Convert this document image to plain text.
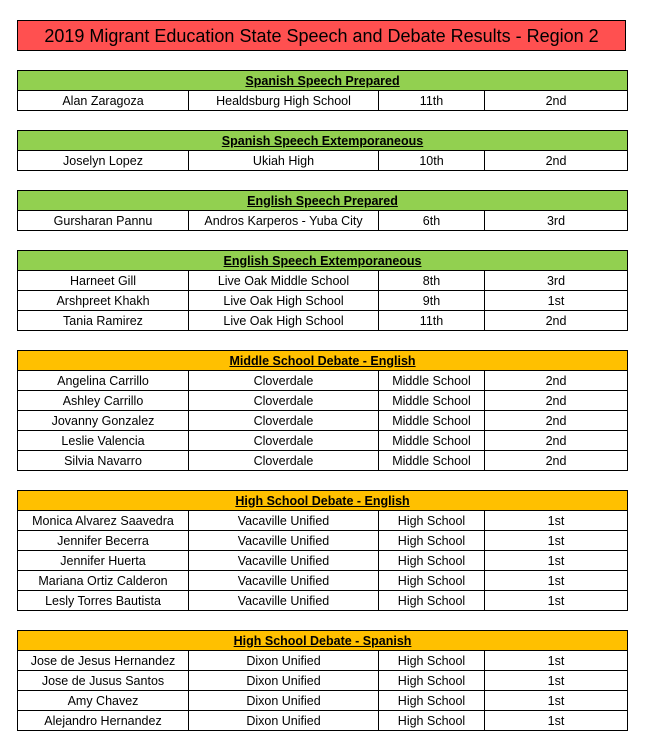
2019 Migrant Education State Speech and Debate Results - Region 2
Spanish Speech Prepared
Alan Zaragoza	Healdsburg High School	11th	2nd
Spanish Speech Extemporaneous
Joselyn Lopez	Ukiah High	10th	2nd
English Speech Prepared
Gursharan Pannu	Andros Karperos - Yuba City	6th	3rd
English Speech Extemporaneous			
Harneet Gill	Live Oak Middle School	8th	3rd
Arshpreet Khakh	Live Oak High School	9th	1st
Tania Ramirez	Live Oak High School	11th	2nd
Middle School Debate - English			
Angelina Carrillo	Cloverdale	Middle School	2nd
Ashley Carrillo	Cloverdale	Middle School	2nd
Jovanny Gonzalez	Cloverdale	Middle School	2nd
Leslie Valencia	Cloverdale	Middle School	2nd
Silvia Navarro	Cloverdale	Middle School	2nd
High School Debate - English			
Monica Alvarez Saavedra	Vacaville Unified	High School	1st
Jennifer Becerra	Vacaville Unified	High School	1st
Jennifer Huerta	Vacaville Unified	High School	1st
Mariana Ortiz Calderon	Vacaville Unified	High School	1st
Lesly Torres Bautista	Vacaville Unified	High School	1st
High School Debate - Spanish			
Jose de Jesus Hernandez	Dixon Unified	High School	1st
Jose de Jusus Santos	Dixon Unified	High School	1st
Amy Chavez	Dixon Unified	High School	1st
Alejandro Hernandez	Dixon Unified	High School	1st
